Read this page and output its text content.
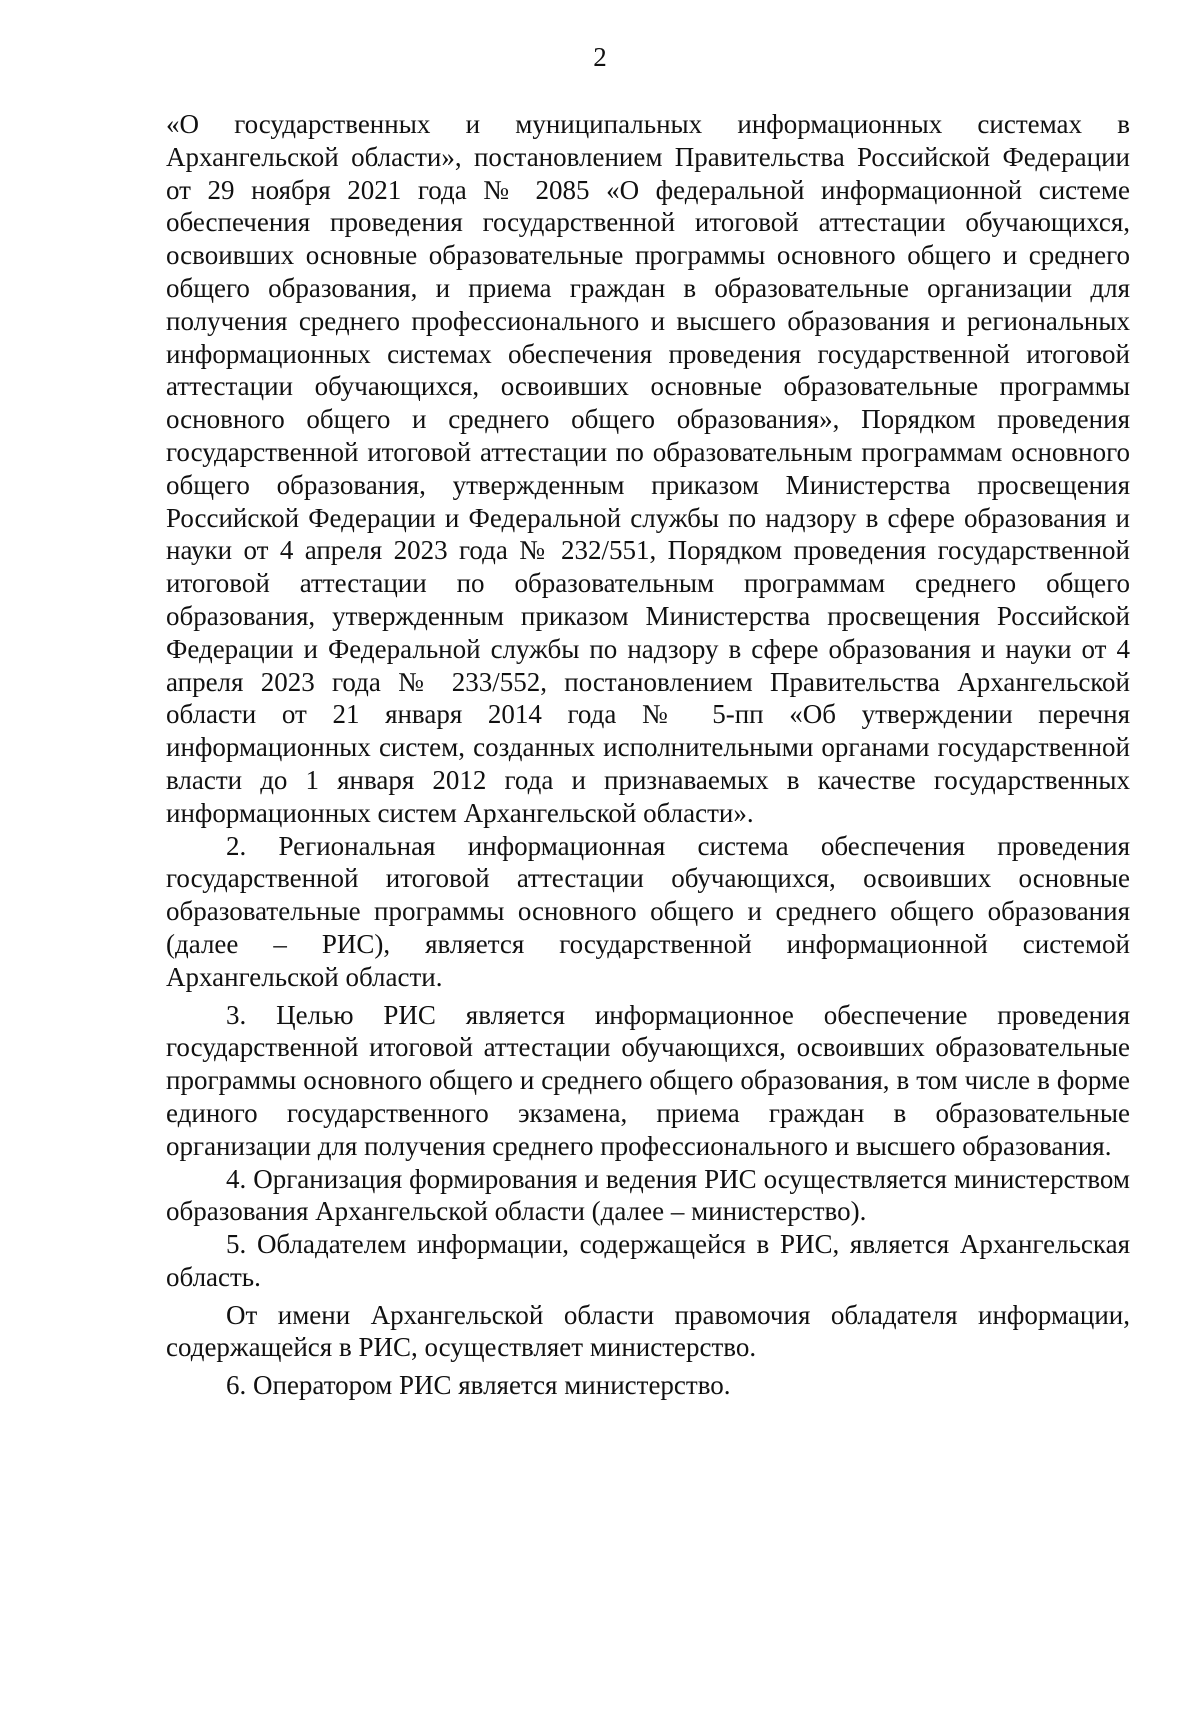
2

«О государственных и муниципальных информационных системах в Архангельской области», постановлением Правительства Российской Федерации от 29 ноября 2021 года № 2085 «О федеральной информационной системе обеспечения проведения государственной итоговой аттестации обучающихся, освоивших основные образовательные программы основного общего и среднего общего образования, и приема граждан в образовательные организации для получения среднего профессионального и высшего образования и региональных информационных системах обеспечения проведения государственной итоговой аттестации обучающихся, освоивших основные образовательные программы основного общего и среднего общего образования», Порядком проведения государственной итоговой аттестации по образовательным программам основного общего образования, утвержденным приказом Министерства просвещения Российской Федерации и Федеральной службы по надзору в сфере образования и науки от 4 апреля 2023 года № 232/551, Порядком проведения государственной итоговой аттестации по образовательным программам среднего общего образования, утвержденным приказом Министерства просвещения Российской Федерации и Федеральной службы по надзору в сфере образования и науки от 4 апреля 2023 года № 233/552, постановлением Правительства Архангельской области от 21 января 2014 года № 5-пп «Об утверждении перечня информационных систем, созданных исполнительными органами государственной власти до 1 января 2012 года и признаваемых в качестве государственных информационных систем Архангельской области».

2. Региональная информационная система обеспечения проведения государственной итоговой аттестации обучающихся, освоивших основные образовательные программы основного общего и среднего общего образования (далее – РИС), является государственной информационной системой Архангельской области.

3. Целью РИС является информационное обеспечение проведения государственной итоговой аттестации обучающихся, освоивших образовательные программы основного общего и среднего общего образования, в том числе в форме единого государственного экзамена, приема граждан в образовательные организации для получения среднего профессионального и высшего образования.

4. Организация формирования и ведения РИС осуществляется министерством образования Архангельской области (далее – министерство).

5. Обладателем информации, содержащейся в РИС, является Архангельская область.

От имени Архангельской области правомочия обладателя информации, содержащейся в РИС, осуществляет министерство.

6. Оператором РИС является министерство.
